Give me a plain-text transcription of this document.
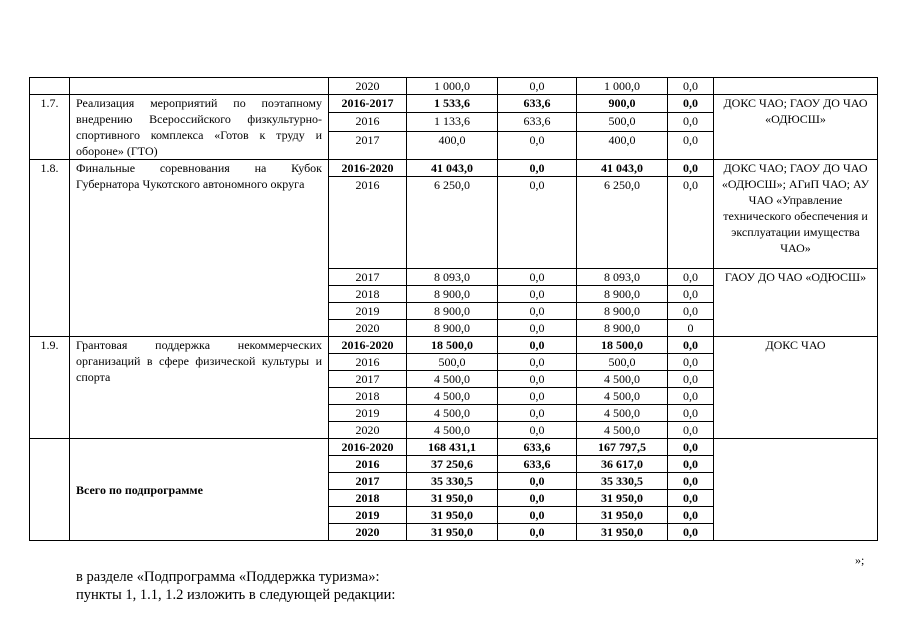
		2020	1 000,0	0,0	1 000,0	0,0	
1.7.	Реализация мероприятий по поэтапному внедрению Всероссийского физкультурно-спортивного комплекса «Готов к труду и обороне» (ГТО)	2016-2017	1 533,6	633,6	900,0	0,0	ДОКС ЧАО; ГАОУ ДО ЧАО «ОДЮСШ»
		2016	1 133,6	633,6	500,0	0,0	
		2017	400,0	0,0	400,0	0,0	
1.8.	Финальные соревнования на Кубок Губернатора Чукотского автономного округа	2016-2020	41 043,0	0,0	41 043,0	0,0	ДОКС ЧАО; ГАОУ ДО ЧАО «ОДЮСШ»; АГиП ЧАО; АУ ЧАО «Управление технического обеспечения и эксплуатации имущества ЧАО»
		2016	6 250,0	0,0	6 250,0	0,0	
		2017	8 093,0	0,0	8 093,0	0,0	ГАОУ ДО ЧАО «ОДЮСШ»
		2018	8 900,0	0,0	8 900,0	0,0	
		2019	8 900,0	0,0	8 900,0	0,0	
		2020	8 900,0	0,0	8 900,0	0	
1.9.	Грантовая поддержка некоммерческих организаций в сфере физической культуры и спорта	2016-2020	18 500,0	0,0	18 500,0	0,0	ДОКС ЧАО
		2016	500,0	0,0	500,0	0,0	
		2017	4 500,0	0,0	4 500,0	0,0	
		2018	4 500,0	0,0	4 500,0	0,0	
		2019	4 500,0	0,0	4 500,0	0,0	
		2020	4 500,0	0,0	4 500,0	0,0	
	Всего по подпрограмме	2016-2020	168 431,1	633,6	167 797,5	0,0	
		2016	37 250,6	633,6	36 617,0	0,0	
		2017	35 330,5	0,0	35 330,5	0,0	
		2018	31 950,0	0,0	31 950,0	0,0	
		2019	31 950,0	0,0	31 950,0	0,0	
		2020	31 950,0	0,0	31 950,0	0,0	
»;
в разделе «Подпрограмма «Поддержка туризма»:
пункты 1, 1.1, 1.2 изложить в следующей редакции:
